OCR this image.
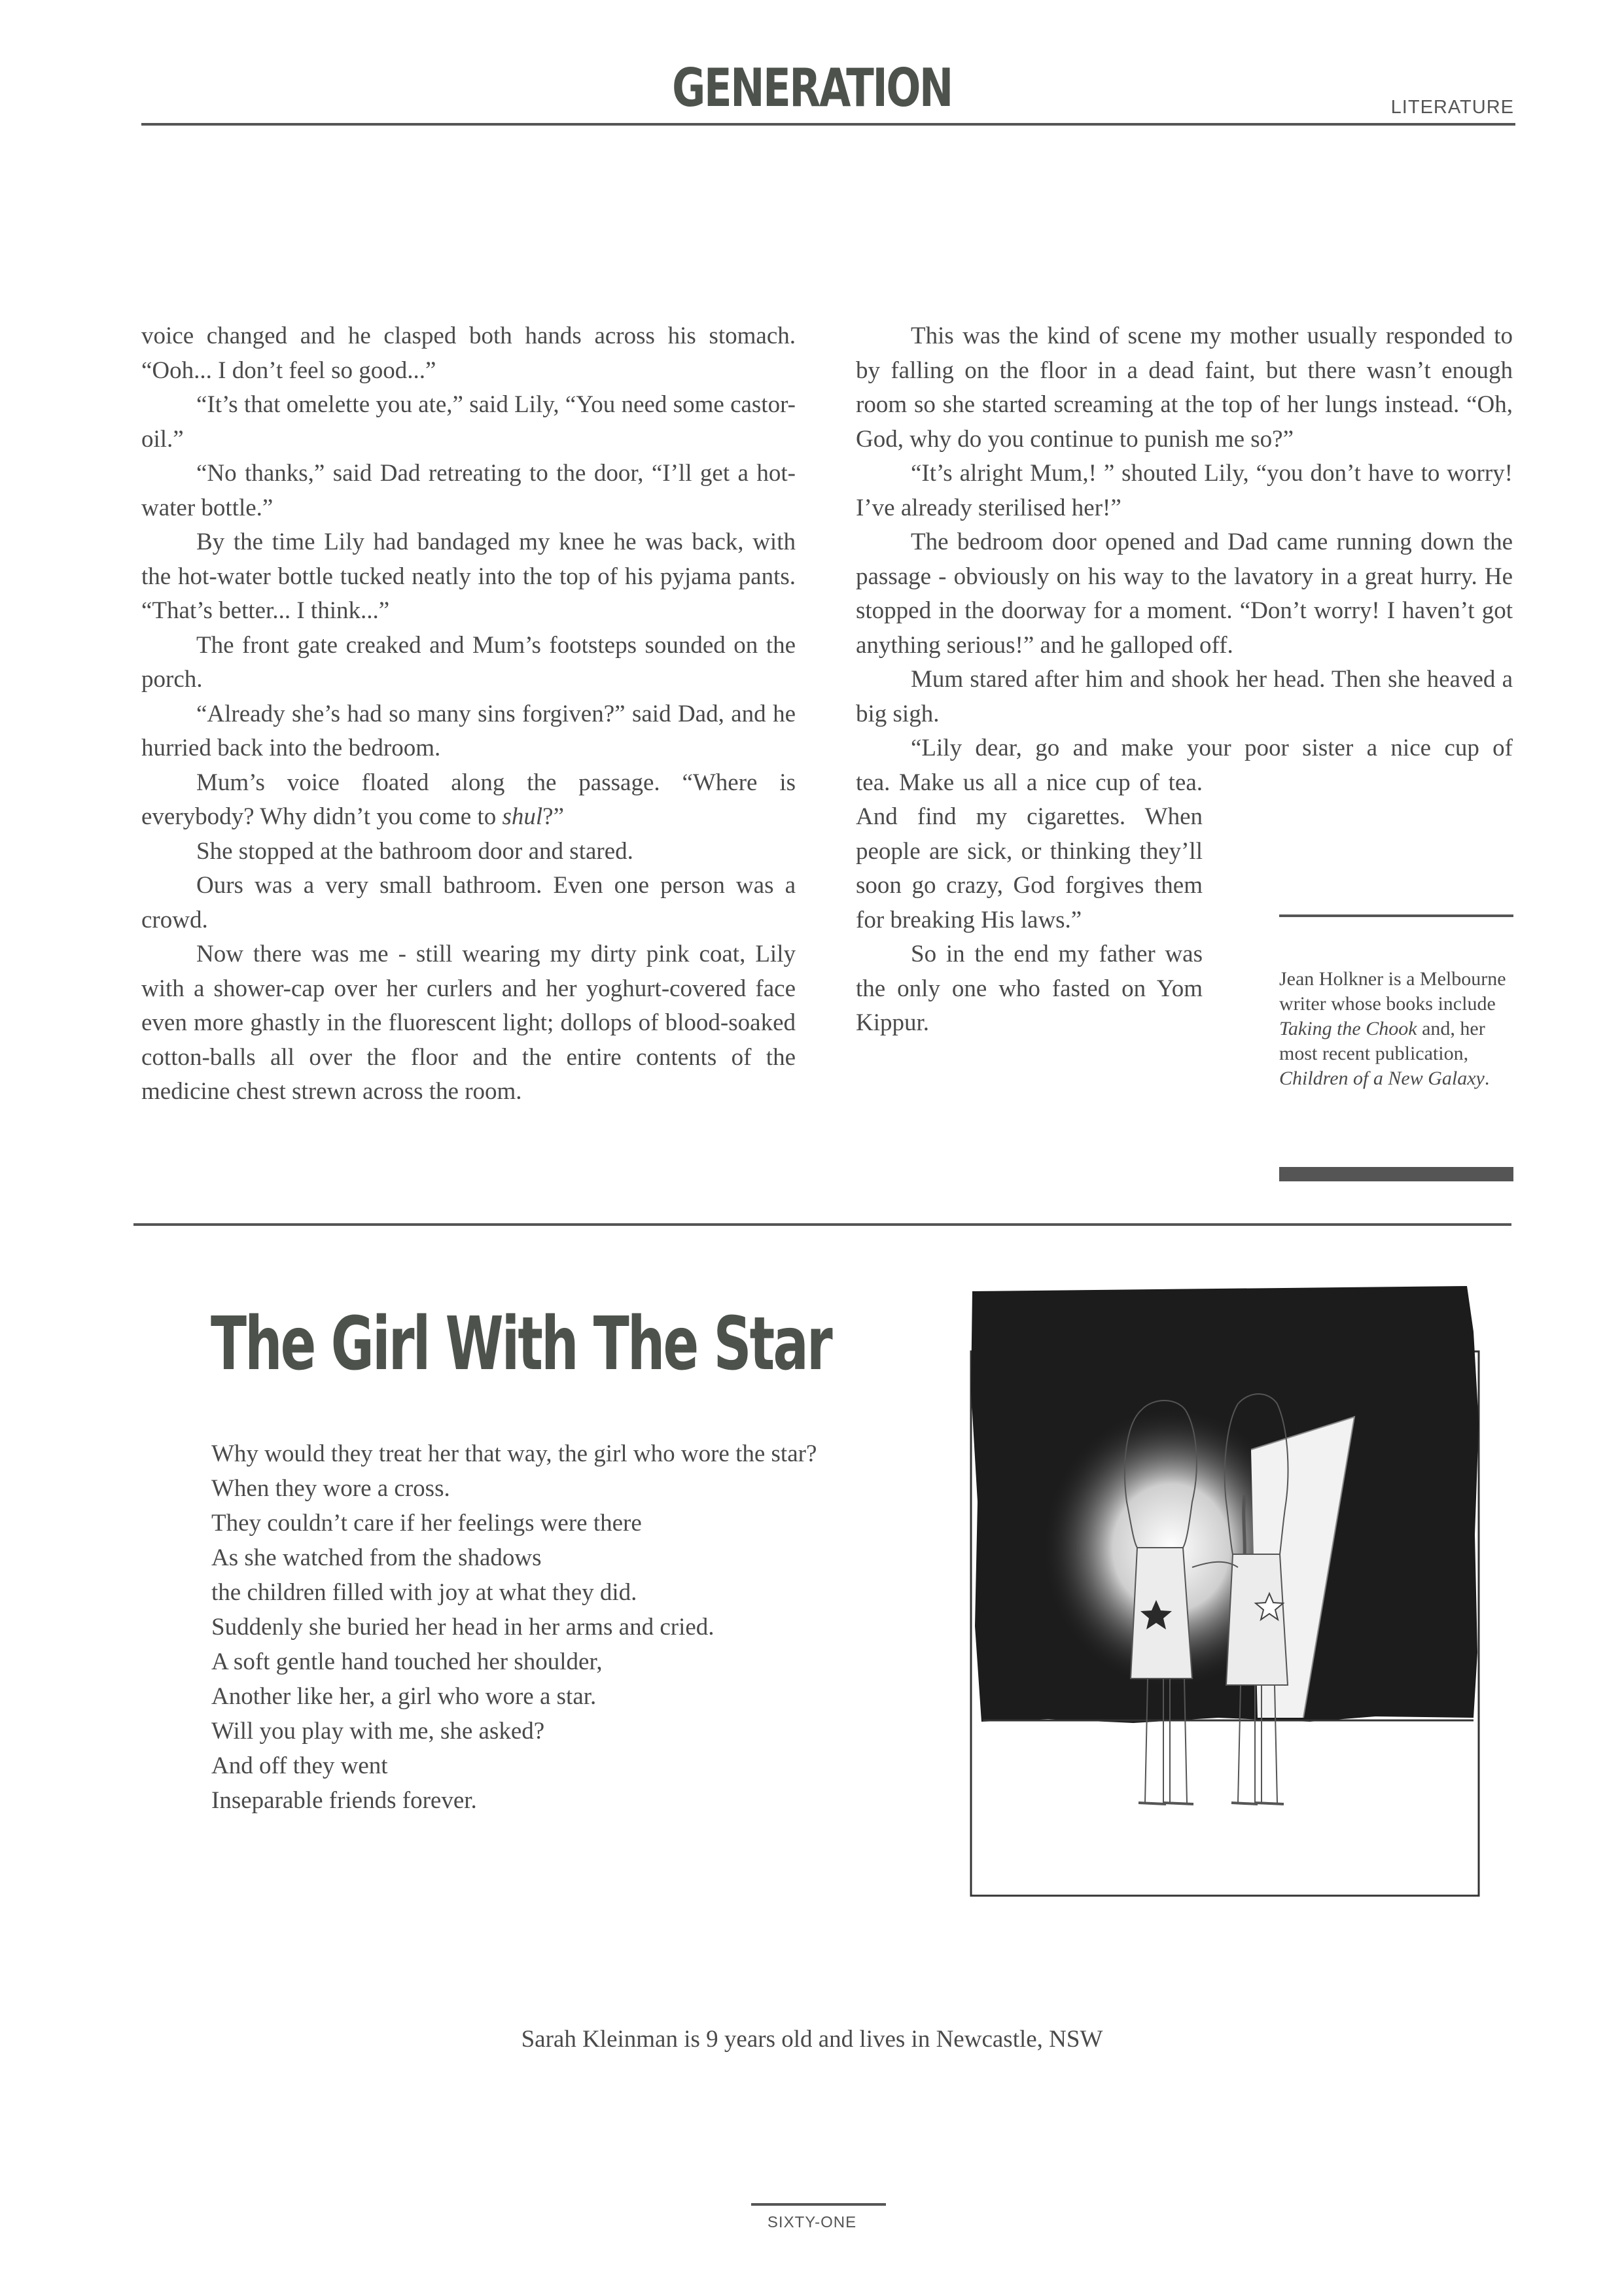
GENERATION	LITERATURE

voice changed and he clasped both hands across his stomach. “Ooh... I don’t feel so good...”

“It’s that omelette you ate,” said Lily, “You need some castor-oil.”

“No thanks,” said Dad retreating to the door, “I’ll get a hot-water bottle.”

By the time Lily had bandaged my knee he was back, with the hot-water bottle tucked neatly into the top of his pyjama pants. “That’s better... I think...”

The front gate creaked and Mum’s footsteps sounded on the porch.

“Already she’s had so many sins forgiven?” said Dad, and he hurried back into the bedroom.

Mum’s voice floated along the passage. “Where is everybody? Why didn’t you come to shul?”

She stopped at the bathroom door and stared.

Ours was a very small bathroom. Even one person was a crowd.

Now there was me - still wearing my dirty pink coat, Lily with a shower-cap over her curlers and her yoghurt-covered face even more ghastly in the fluorescent light; dollops of blood-soaked cotton-balls all over the floor and the entire contents of the medicine chest strewn across the room.

This was the kind of scene my mother usually responded to by falling on the floor in a dead faint, but there wasn’t enough room so she started screaming at the top of her lungs instead. “Oh, God, why do you continue to punish me so?”

“It’s alright Mum,! ” shouted Lily, “you don’t have to worry! I’ve already sterilised her!”

The bedroom door opened and Dad came running down the passage - obviously on his way to the lavatory in a great hurry. He stopped in the doorway for a moment. “Don’t worry! I haven’t got anything serious!” and he galloped off.

Mum stared after him and shook her head. Then she heaved a big sigh.

“Lily dear, go and make your poor sister a nice cup of

tea. Make us all a nice cup of tea. And find my cigarettes. When people are sick, or thinking they’ll soon go crazy, God forgives them for breaking His laws.”

So in the end my father was the only one who fasted on Yom Kippur.

Jean Holkner is a Melbourne writer whose books include Taking the Chook and, her most recent publication, Children of a New Galaxy.
The Girl With The Star
Why would they treat her that way, the girl who wore the star?
When they wore a cross.
They couldn’t care if her feelings were there
As she watched from the shadows
the children filled with joy at what they did.
Suddenly she buried her head in her arms and cried.
A soft gentle hand touched her shoulder,
Another like her, a girl who wore a star.
Will you play with me, she asked?
And off they went
Inseparable friends forever.
Sarah Kleinman is 9 years old and lives in Newcastle, NSW
SIXTY-ONE
